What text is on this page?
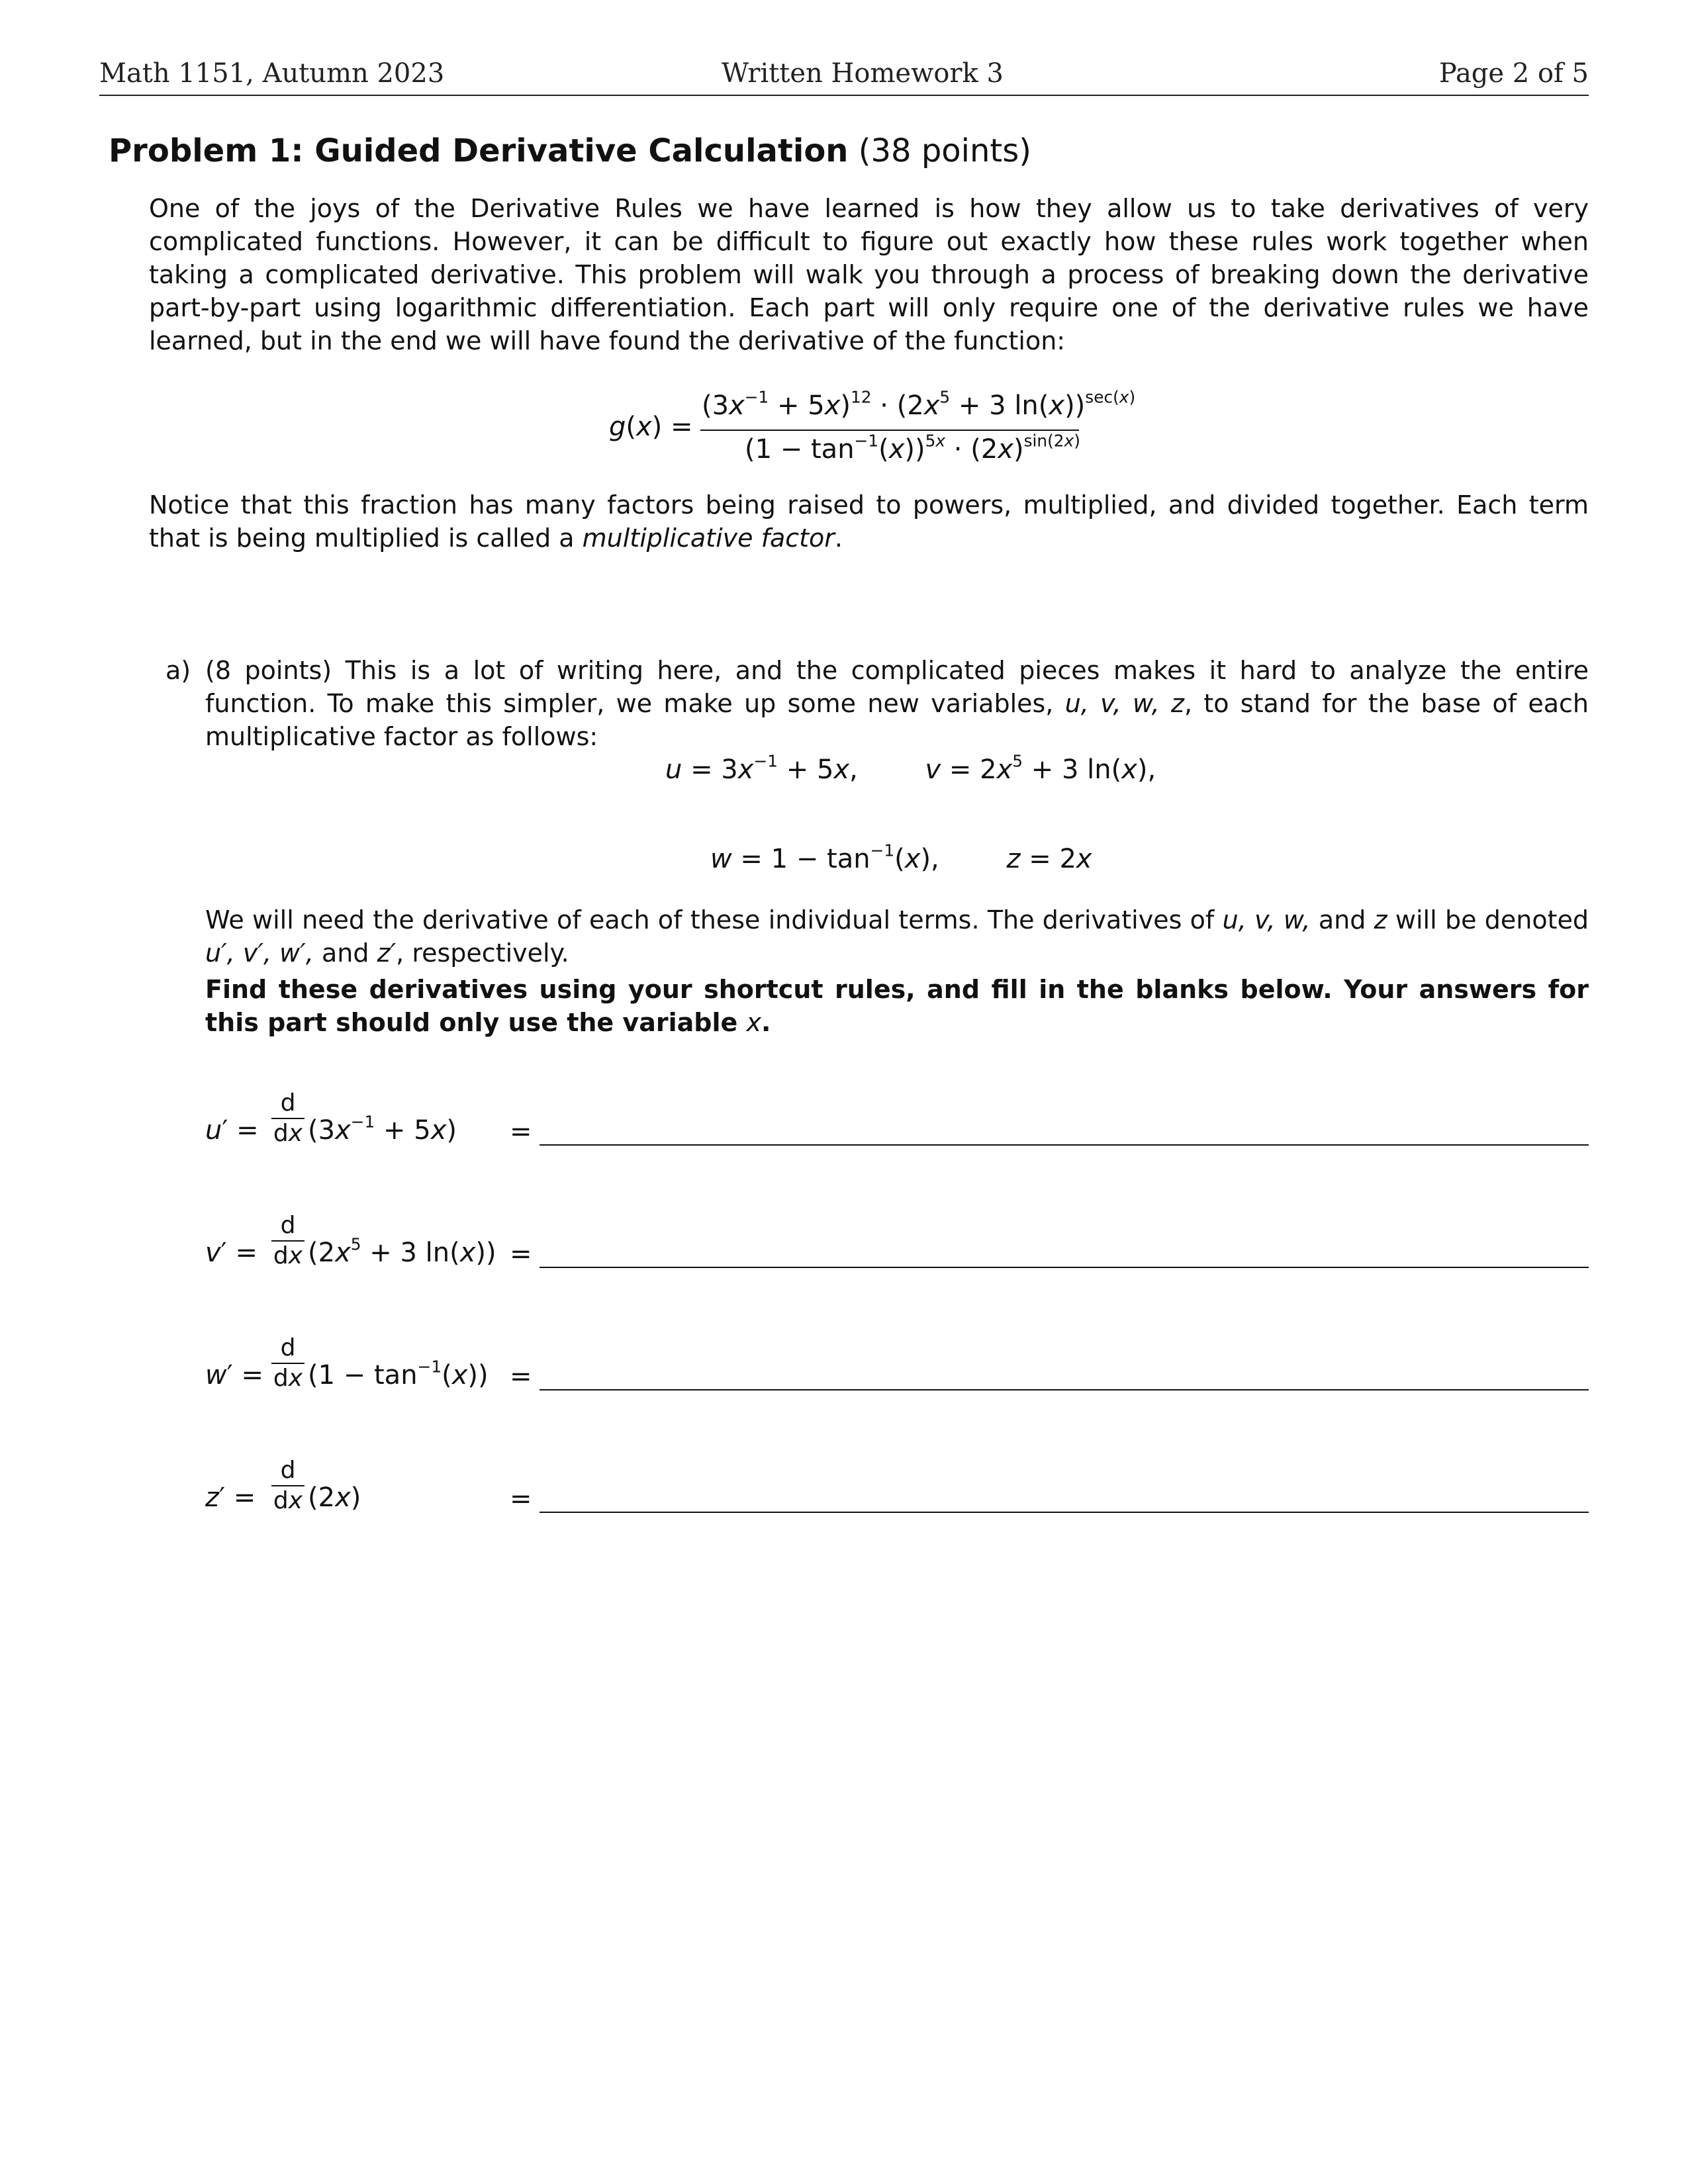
Math 1151, Autumn 2023	Written Homework 3	Page 2 of 5
Problem 1: Guided Derivative Calculation (38 points)
One of the joys of the Derivative Rules we have learned is how they allow us to take derivatives of very complicated functions. However, it can be difficult to figure out exactly how these rules work together when taking a complicated derivative. This problem will walk you through a process of breaking down the derivative part-by-part using logarithmic differentiation. Each part will only require one of the derivative rules we have learned, but in the end we will have found the derivative of the function:
g(x) =
$(3x^{-1} + 5x)^{12} \cdot (2x^5 + 3$ ln(x))$^{sec(x)}$
$(1 - \tan^{-1}(x))^{5x} \cdot (2x)^{sin(2x)}$
Notice that this fraction has many factors being raised to powers, multiplied, and divided together. Each term that is being multiplied is called a multiplicative factor.
a) (8 points) This is a lot of writing here, and the complicated pieces makes it hard to analyze the entire function. To make this simpler, we make up some new variables, u, v, w, z, to stand for the base of each multiplicative factor as follows:
$u = 3x^{-1} + 5x$,        $v = 2x^5 + 3$ ln(x),
$w = 1 - \tan^{-1}(x)$,        z = 2x
We will need the derivative of each of these individual terms. The derivatives of u, v, w, and z will be denoted u′, v′, w′, and z′, respectively.
Find these derivatives using your shortcut rules, and fill in the blanks below. Your answers for this part should only use the variable x.
u′ =
d
dx $(3x^{-1} + 5x)$ =
v′ =
d
dx ($2x^5 + 3$ ln(x)) =
w′ =
d
dx $(1 - \tan^{-1}(x))$ =
z′ =
d
dx (2x)	=
